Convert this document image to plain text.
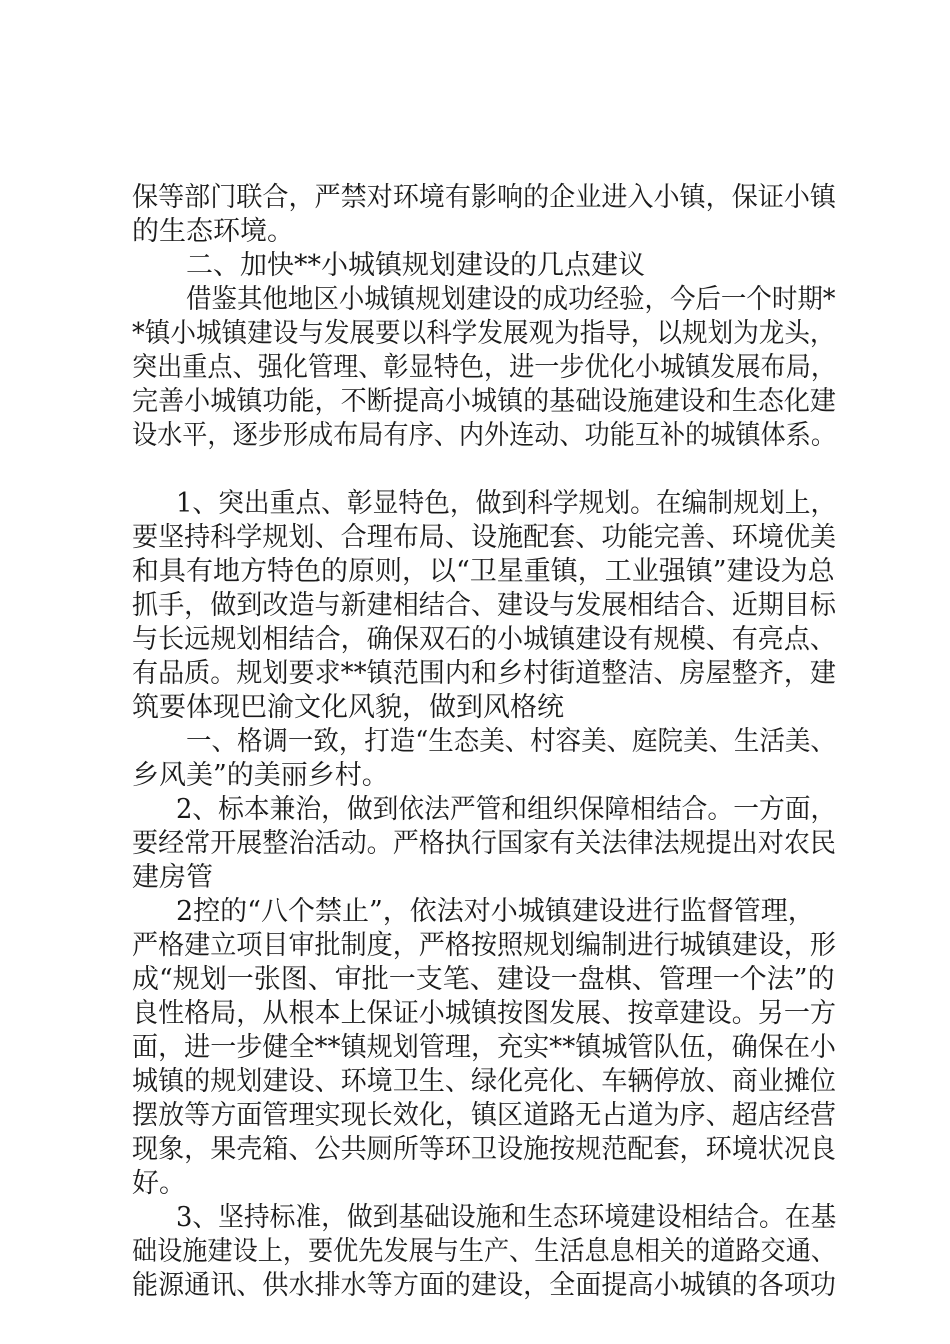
保等部门联合，严禁对环境有影响的企业进入小镇，保证小镇
的生态环境。
二、加快**小城镇规划建设的几点建议
借鉴其他地区小城镇规划建设的成功经验，今后一个时期*
*镇小城镇建设与发展要以科学发展观为指导，以规划为龙头，
突出重点、强化管理、彰显特色，进一步优化小城镇发展布局，
完善小城镇功能，不断提高小城镇的基础设施建设和生态化建
设水平，逐步形成布局有序、内外连动、功能互补的城镇体系。
1、突出重点、彰显特色，做到科学规划。在编制规划上，
要坚持科学规划、合理布局、设施配套、功能完善、环境优美
和具有地方特色的原则，以“卫星重镇，工业强镇”建设为总
抓手，做到改造与新建相结合、建设与发展相结合、近期目标
与长远规划相结合，确保双石的小城镇建设有规模、有亮点、
有品质。规划要求**镇范围内和乡村街道整洁、房屋整齐，建
筑要体现巴渝文化风貌，做到风格统
一、格调一致，打造“生态美、村容美、庭院美、生活美、
乡风美”的美丽乡村。
2、标本兼治，做到依法严管和组织保障相结合。一方面，
要经常开展整治活动。严格执行国家有关法律法规提出对农民
建房管
2控的“八个禁止”，依法对小城镇建设进行监督管理，
严格建立项目审批制度，严格按照规划编制进行城镇建设，形
成“规划一张图、审批一支笔、建设一盘棋、管理一个法”的
良性格局，从根本上保证小城镇按图发展、按章建设。另一方
面，进一步健全**镇规划管理，充实**镇城管队伍，确保在小
城镇的规划建设、环境卫生、绿化亮化、车辆停放、商业摊位
摆放等方面管理实现长效化，镇区道路无占道为序、超店经营
现象，果壳箱、公共厕所等环卫设施按规范配套，环境状况良
好。
3、坚持标准，做到基础设施和生态环境建设相结合。在基
础设施建设上，要优先发展与生产、生活息息相关的道路交通、
能源通讯、供水排水等方面的建设，全面提高小城镇的各项功
